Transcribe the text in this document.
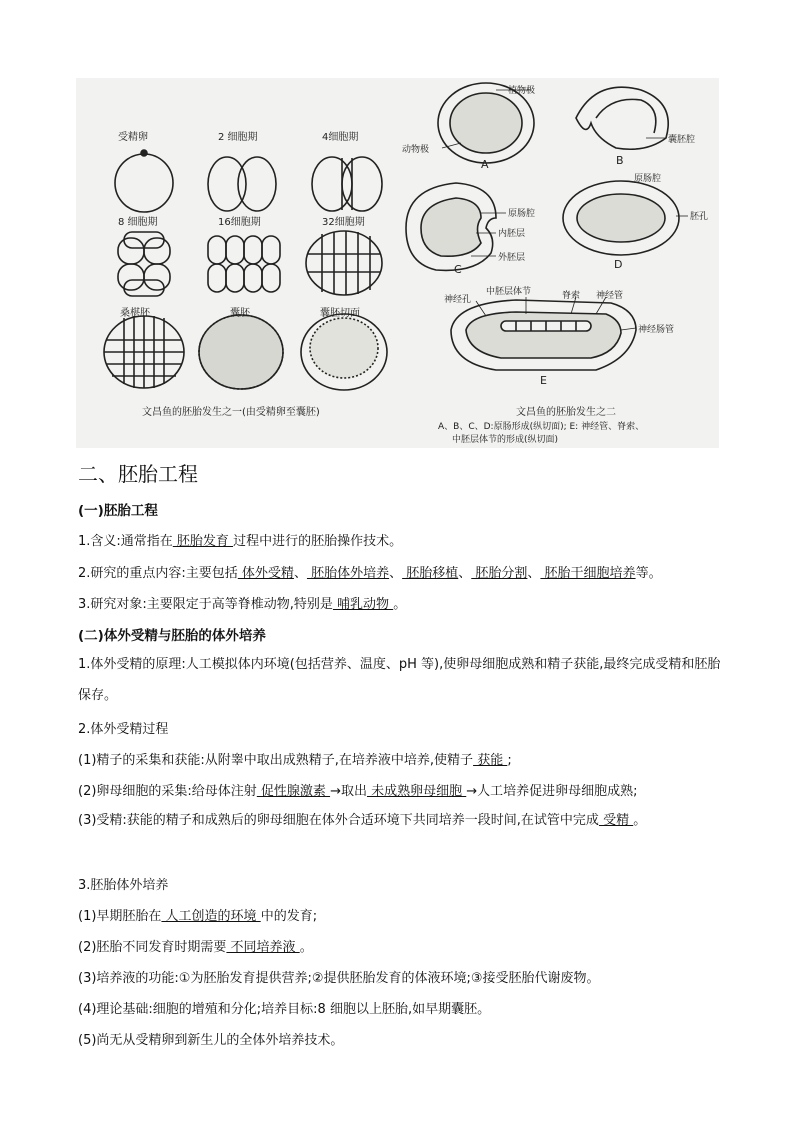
受精卵	2 细胞期	4细胞期
8 细胞期	16细胞期	32细胞期
桑椹胚	囊胚	囊胚切面
文昌鱼的胚胎发生之一(由受精卵至囊胚)
植物极
动物极
A	B
囊胚腔
原肠腔
原肠腔
内胚层
胚孔
C
外胚层	D
中胚层体节	脊索 神经管
神经孔
神经肠管
E
文昌鱼的胚胎发生之二
A、B、C、D:原肠形成(纵切面); E: 神经管、脊索、
中胚层体节的形成(纵切面)
二、胚胎工程
(一)胚胎工程
1.含义:通常指在 胚胎发育 过程中进行的胚胎操作技术。
2.研究的重点内容:主要包括 体外受精、 胚胎体外培养、 胚胎移植、 胚胎分割、 胚胎干细胞培养等。
3.研究对象:主要限定于高等脊椎动物,特别是 哺乳动物 。
(二)体外受精与胚胎的体外培养
1.体外受精的原理:人工模拟体内环境(包括营养、温度、pH 等),使卵母细胞成熟和精子获能,最终完成受精和胚胎保存。
2.体外受精过程
(1)精子的采集和获能:从附睾中取出成熟精子,在培养液中培养,使精子 获能 ;
(2)卵母细胞的采集:给母体注射 促性腺激素 →取出 未成熟卵母细胞 →人工培养促进卵母细胞成熟;
(3)受精:获能的精子和成熟后的卵母细胞在体外合适环境下共同培养一段时间,在试管中完成 受精 。
3.胚胎体外培养
(1)早期胚胎在 人工创造的环境 中的发育;
(2)胚胎不同发育时期需要 不同培养液 。
(3)培养液的功能:①为胚胎发育提供营养;②提供胚胎发育的体液环境;③接受胚胎代谢废物。
(4)理论基础:细胞的增殖和分化;培养目标:8 细胞以上胚胎,如早期囊胚。
(5)尚无从受精卵到新生儿的全体外培养技术。
